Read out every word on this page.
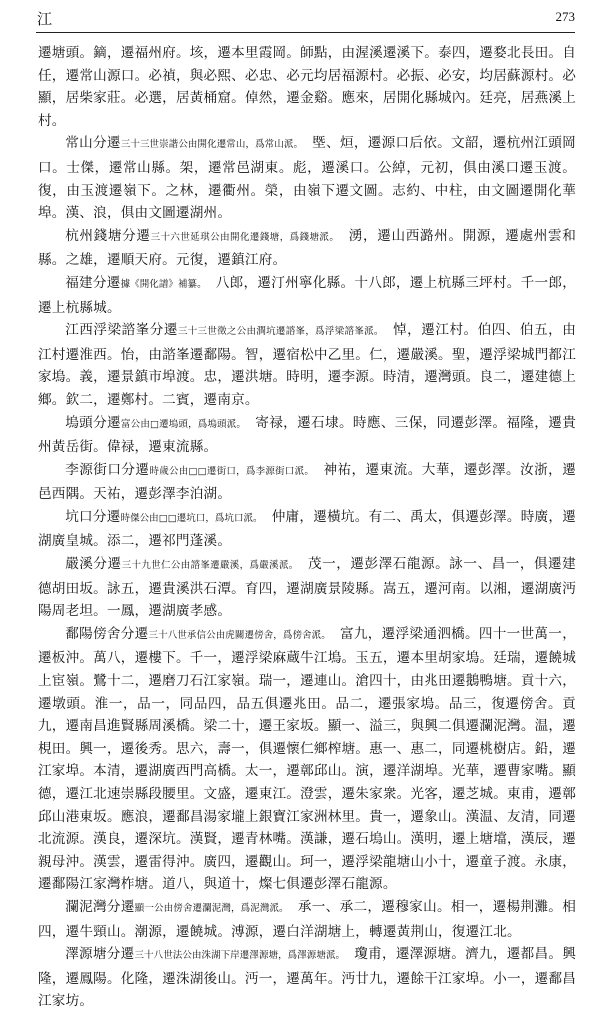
江	273

遷塘頭。鏑，遷福州府。垓，遷本里霞岡。師點，由渥溪遷溪下。泰四，遷婺北長田。自任，遷常山源口。必禎，與必熙、必忠、必元均居福源村。必振、必安，均居蘇源村。必顯，居柴家莊。必選，居黃桶窟。倬然，遷金谿。應來，居開化縣城內。廷亮，居燕溪上村。

常山分遷三十三世崇諧公由開化遷常山，爲常山派。　 塈、烜，遷源口后依。文韶，遷杭州江頭岡口。士傑，遷常山縣。架，遷常邑湖東。彪，遷溪口。公綽，元初，俱由溪口遷玉渡。復，由玉渡遷嶺下。之林，遷衢州。榮，由嶺下遷文圖。志約、中柱，由文圖遷開化華埠。漢、浪，俱由文圖遷湖州。

杭州錢塘分遷三十六世延琪公由開化遷錢塘，爲錢塘派。　 湧，遷山西潞州。開源，遷處州雲和縣。之雄，遷順天府。元復，遷鎮江府。

福建分遷據《開化譜》補纂。　 八郎，遷汀州寧化縣。十八郎，遷上杭縣三坪村。千一郎，遷上杭縣城。

江西浮梁諮峯分遷三十三世徵之公由澗坑遷諮峯，爲浮梁諮峯派。　 悼，遷江村。伯四、伯五，由江村遷淮西。怡，由諮峯遷鄱陽。智，遷宿松中乙里。仁，遷嚴溪。聖，遷浮梁城門都江家塢。義，遷景鎮市埠渡。忠，遷洪塘。時明，遷李源。時清，遷灣頭。良二，遷建德上鄉。欽二，遷鄭村。二賓，遷南京。

塢頭分遷富公由□遷塢頭，爲塢頭派。　 寄禄，遷石埭。時應、三保，同遷彭澤。福隆，遷貴州黃岳街。偉禄，遷東流縣。

李源街口分遷時歲公由□□遷街口，爲李源街口派。　 神祐，遷東流。大華，遷彭澤。汝浙，遷邑西隅。天祐，遷彭澤李泊湖。

坑口分遷時傑公由□□遷坑口，爲坑口派。　 仲庸，遷橫坑。有二、禹太，俱遷彭澤。時廣，遷湖廣皇城。添二，遷祁門蓬溪。

嚴溪分遷三十九世仁公由諮峯遷嚴溪，爲嚴溪派。　 茂一，遷彭澤石龍源。詠一、昌一，俱遷建德胡田坂。詠五，遷貴溪洪石潭。育四，遷湖廣景陵縣。嵩五，遷河南。以湘，遷湖廣沔陽周老坦。一鳳，遷湖廣孝感。

鄱陽傍舍分遷三十八世承信公由虎關遷傍舍，爲傍舍派。　 富九，遷浮梁通泗橋。四十一世萬一，遷板沖。萬八，遷樓下。千一，遷浮梁麻蔵牛江塢。玉五，遷本里胡家塢。廷瑞，遷饒城上宦嶺。鷺十二，遷磨刀石江家嶺。瑞一，遷連山。滄四十，由兆田遷鵝鴨塘。貢十六，遷墩頭。淮一，品一，同品四，品五俱遷兆田。品二，遷張家塢。品三，復遷傍舍。貢九，遷南昌進賢縣周溪橋。梁二十，遷王家坂。顯一、溢三，與興二俱遷瀾泥灣。温，遷梘田。興一，遷後秀。思六，壽一，俱遷懷仁鄉榨塘。惠一、惠二，同遷桃樹店。鉛，遷江家埠。本清，遷湖廣西門高橋。太一，遷鄣邱山。演，遷洋湖埠。光華，遷曹家嘴。顯德，遷江北速崇縣段腰里。文盛，遷東江。澄雲，遷朱家衆。光客，遷芝城。東甫，遷鄣邱山港東坂。應浪，遷鄱昌湯家壠上銀寶江家洲林里。貴一，遷象山。漢温、友清，同遷北流源。漢良，遷深坑。漢賢，遷青林嘴。漢謙，遷石塢山。漢明，遷上塘壋，漢辰，遷親母沖。漢雲，遷雷得沖。廣四，遷觀山。珂一，遷浮梁龍塘山小十，遷童子渡。永康，遷鄱陽江家灣柞塘。道八，與道十，燦七俱遷彭澤石龍源。

瀾泥灣分遷顯一公由傍舍遷瀾泥灣，爲泥灣派。　 承一、承二，遷穆家山。相一，遷楊荆灘。相四，遷牛頸山。潮源，遷饒城。溥源，遷白洋湖塘上，轉遷黃荆山，復遷江北。

澤源塘分遷三十八世法公由洙湖下岸遷澤源塘，爲澤源塘派。　 瓊甫，遷澤源塘。濟九，遷都昌。興隆，遷鳳陽。化隆，遷洙湖後山。沔一，遷萬年。沔廿九，遷餘干江家埠。小一，遷鄱昌江家坊。
